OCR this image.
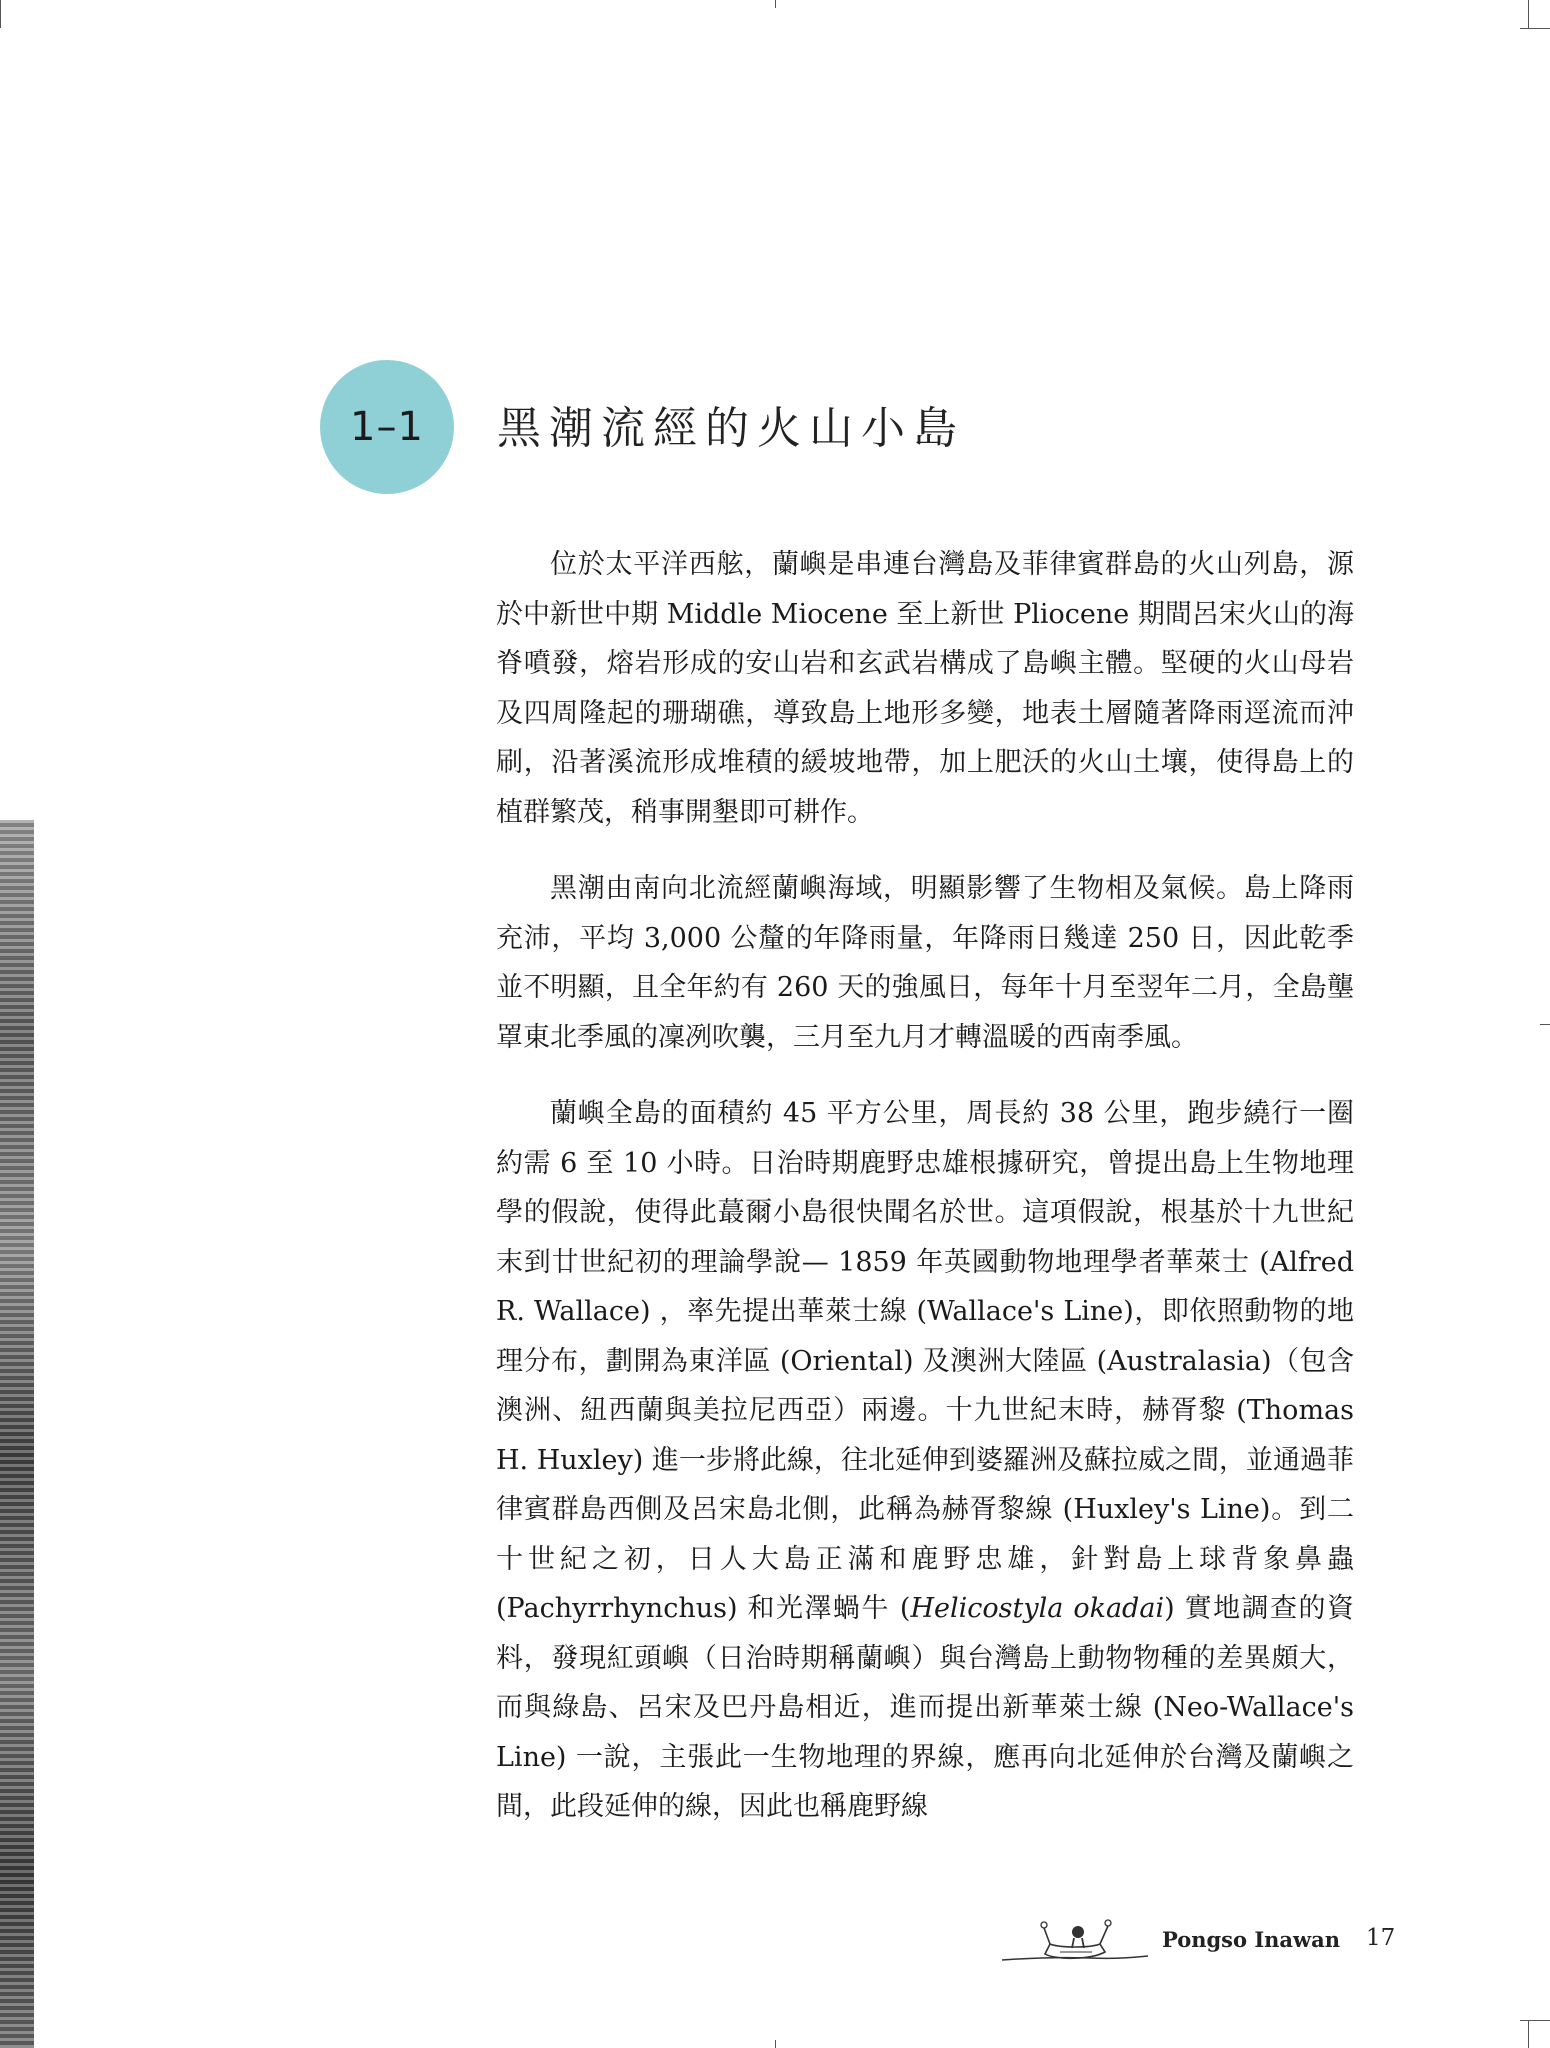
1–1 黑潮流經的火山小島

位於太平洋西舷，蘭嶼是串連台灣島及菲律賓群島的火山列島，源於中新世中期 Middle Miocene 至上新世 Pliocene 期間呂宋火山的海脊噴發，熔岩形成的安山岩和玄武岩構成了島嶼主體。堅硬的火山母岩及四周隆起的珊瑚礁，導致島上地形多變，地表土層隨著降雨逕流而沖刷，沿著溪流形成堆積的緩坡地帶，加上肥沃的火山土壤，使得島上的植群繁茂，稍事開墾即可耕作。

黑潮由南向北流經蘭嶼海域，明顯影響了生物相及氣候。島上降雨充沛，平均 3,000 公釐的年降雨量，年降雨日幾達 250 日，因此乾季並不明顯，且全年約有 260 天的強風日，每年十月至翌年二月，全島壟罩東北季風的凜冽吹襲，三月至九月才轉溫暖的西南季風。

蘭嶼全島的面積約 45 平方公里，周長約 38 公里，跑步繞行一圈約需 6 至 10 小時。日治時期鹿野忠雄根據研究，曾提出島上生物地理學的假說，使得此蕞爾小島很快聞名於世。這項假說，根基於十九世紀末到廿世紀初的理論學說— 1859 年英國動物地理學者華萊士 (Alfred R. Wallace) ，率先提出華萊士線 (Wallace's Line)，即依照動物的地理分布，劃開為東洋區 (Oriental) 及澳洲大陸區 (Australasia)（包含澳洲、紐西蘭與美拉尼西亞）兩邊。十九世紀末時，赫胥黎 (Thomas H. Huxley) 進一步將此線，往北延伸到婆羅洲及蘇拉威之間，並通過菲律賓群島西側及呂宋島北側，此稱為赫胥黎線 (Huxley's Line)。到二十世紀之初，日人大島正滿和鹿野忠雄，針對島上球背象鼻蟲 (Pachyrrhynchus) 和光澤蝸牛 (Helicostyla okadai) 實地調查的資料，發現紅頭嶼（日治時期稱蘭嶼）與台灣島上動物物種的差異頗大，而與綠島、呂宋及巴丹島相近，進而提出新華萊士線 (Neo-Wallace's Line) 一說，主張此一生物地理的界線，應再向北延伸於台灣及蘭嶼之間，此段延伸的線，因此也稱鹿野線

Pongso Inawan 17
